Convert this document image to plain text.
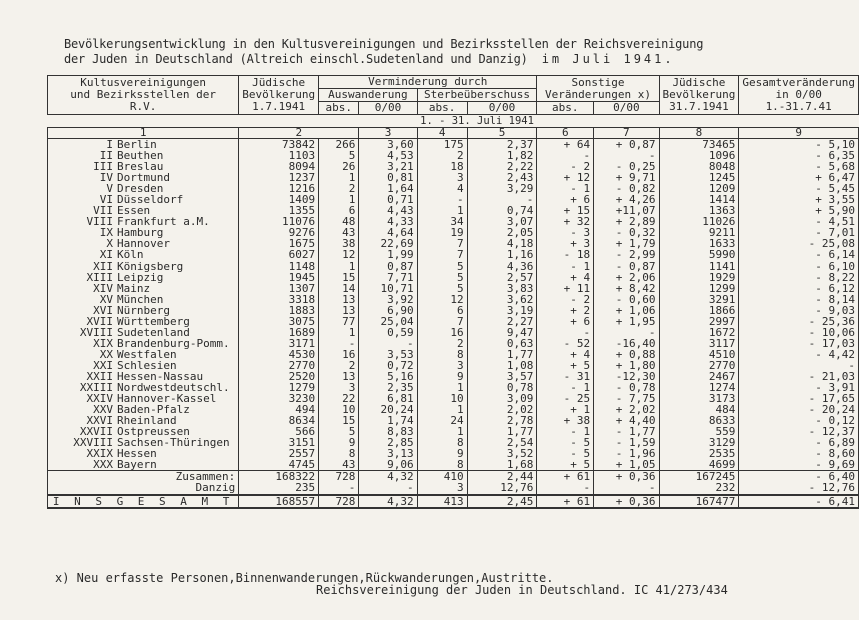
Bevölkerungsentwicklung in den Kultusvereinigungen und Bezirksstellen der Reichsvereinigung
der Juden in Deutschland (Altreich einschl.Sudetenland und Danzig) im Juli 1941.
Kultusvereinigungen und Bezirksstellen der R.V.	Jüdische Bevölkerung 1.7.1941	Verminderung durch				Sonstige Veränderungen x)		Jüdische Bevölkerung 31.7.1941	Gesamtveränderung in 0/00 1.-31.7.41
		Auswanderung		Sterbeüberschuss					
		abs.	0/00	abs.	0/00	abs.	0/00		
				1. - 31. Juli 1941					
1	2		3	4	5	6	7	8	9
I Berlin	73842	266	3,60	175	2,37	+ 64	+ 0,87	73465	- 5,10
II Beuthen	1103	5	4,53	2	1,82	-	-	1096	- 6,35
III Breslau	8094	26	3,21	18	2,22	- 2	- 0,25	8048	- 5,68
IV Dortmund	1237	1	0,81	3	2,43	+ 12	+ 9,71	1245	+ 6,47
V Dresden	1216	2	1,64	4	3,29	- 1	- 0,82	1209	- 5,45
VI Düsseldorf	1409	1	0,71	-	-	+ 6	+ 4,26	1414	+ 3,55
VII Essen	1355	6	4,43	1	0,74	+ 15	+11,07	1363	+ 5,90
VIII Frankfurt a.M.	11076	48	4,33	34	3,07	+ 32	+ 2,89	11026	- 4,51
IX Hamburg	9276	43	4,64	19	2,05	- 3	- 0,32	9211	- 7,01
X Hannover	1675	38	22,69	7	4,18	+ 3	+ 1,79	1633	- 25,08
XI Köln	6027	12	1,99	7	1,16	- 18	- 2,99	5990	- 6,14
XII Königsberg	1148	1	0,87	5	4,36	- 1	- 0,87	1141	- 6,10
XIII Leipzig	1945	15	7,71	5	2,57	+ 4	+ 2,06	1929	- 8,22
XIV Mainz	1307	14	10,71	5	3,83	+ 11	+ 8,42	1299	- 6,12
XV München	3318	13	3,92	12	3,62	- 2	- 0,60	3291	- 8,14
XVI Nürnberg	1883	13	6,90	6	3,19	+ 2	+ 1,06	1866	- 9,03
XVII Württemberg	3075	77	25,04	7	2,27	+ 6	+ 1,95	2997	- 25,36
XVIII Sudetenland	1689	1	0,59	16	9,47	-	-	1672	- 10,06
XIX Brandenburg-Pomm.	3171	-	-	2	0,63	- 52	-16,40	3117	- 17,03
XX Westfalen	4530	16	3,53	8	1,77	+ 4	+ 0,88	4510	- 4,42
XXI Schlesien	2770	2	0,72	3	1,08	+ 5	+ 1,80	2770	-
XXII Hessen-Nassau	2520	13	5,16	9	3,57	- 31	-12,30	2467	- 21,03
XXIII Nordwestdeutschl.	1279	3	2,35	1	0,78	- 1	- 0,78	1274	- 3,91
XXIV Hannover-Kassel	3230	22	6,81	10	3,09	- 25	- 7,75	3173	- 17,65
XXV Baden-Pfalz	494	10	20,24	1	2,02	+ 1	+ 2,02	484	- 20,24
XXVI Rheinland	8634	15	1,74	24	2,78	+ 38	+ 4,40	8633	- 0,12
XXVII Ostpreussen	566	5	8,83	1	1,77	- 1	- 1,77	559	- 12,37
XXVIII Sachsen-Thüringen	3151	9	2,85	8	2,54	- 5	- 1,59	3129	- 6,89
XXIX Hessen	2557	8	3,13	9	3,52	- 5	- 1,96	2535	- 8,60
XXX Bayern	4745	43	9,06	8	1,68	+ 5	+ 1,05	4699	- 9,69
Zusammen:	168322	728	4,32	410	2,44	+ 61	+ 0,36	167245	- 6,40
Danzig	235	-	-	3	12,76	-	-	232	- 12,76
I N S G E S A M T	168557	728	4,32	413	2,45	+ 61	+ 0,36	167477	- 6,41
x) Neu erfasste Personen,Binnenwanderungen,Rückwanderungen,Austritte.
Reichsvereinigung der Juden in Deutschland. IC 41/273/434
